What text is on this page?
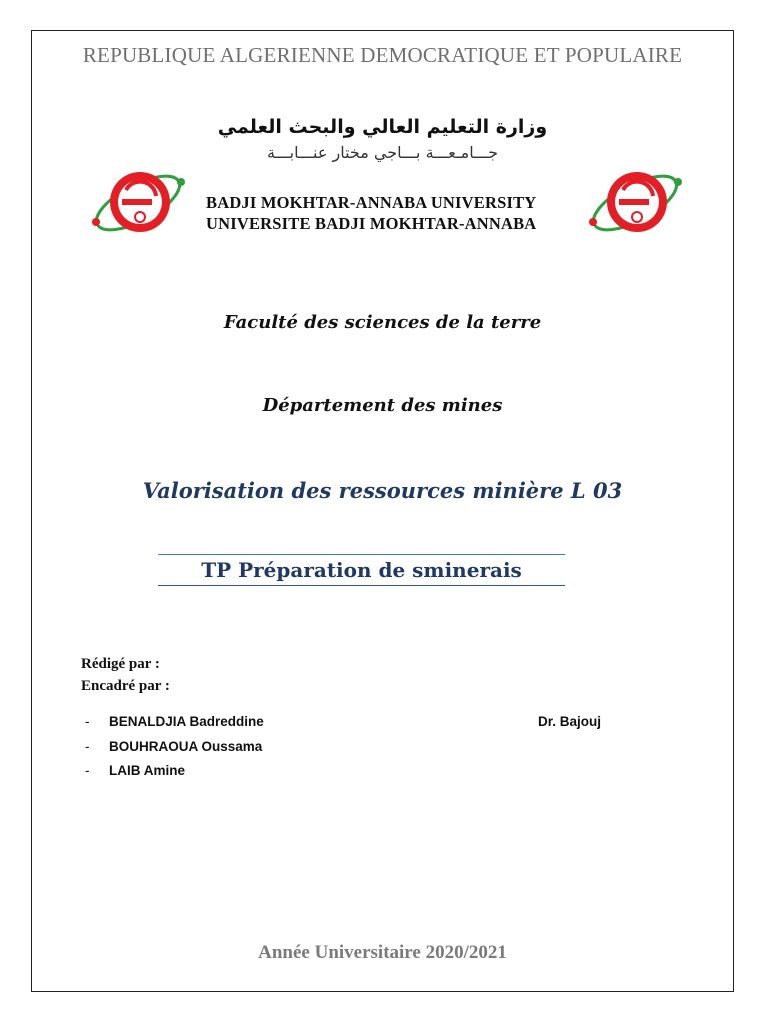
REPUBLIQUE ALGERIENNE DEMOCRATIQUE ET POPULAIRE
وزارة التعليم العالي والبحث العلمي
جـــامـعـــة بـــاجي مختار عنـــابـــة
BADJI MOKHTAR-ANNABA UNIVERSITY
UNIVERSITE BADJI MOKHTAR-ANNABA
Faculté des sciences de la terre
Département des mines
Valorisation des ressources minière L 03
TP Préparation de sminerais
Rédigé par :
Encadré par :
- BENALDJIA Badreddine
- BOUHRAOUA Oussama
- LAIB Amine
Dr. Bajouj
Année Universitaire 2020/2021
